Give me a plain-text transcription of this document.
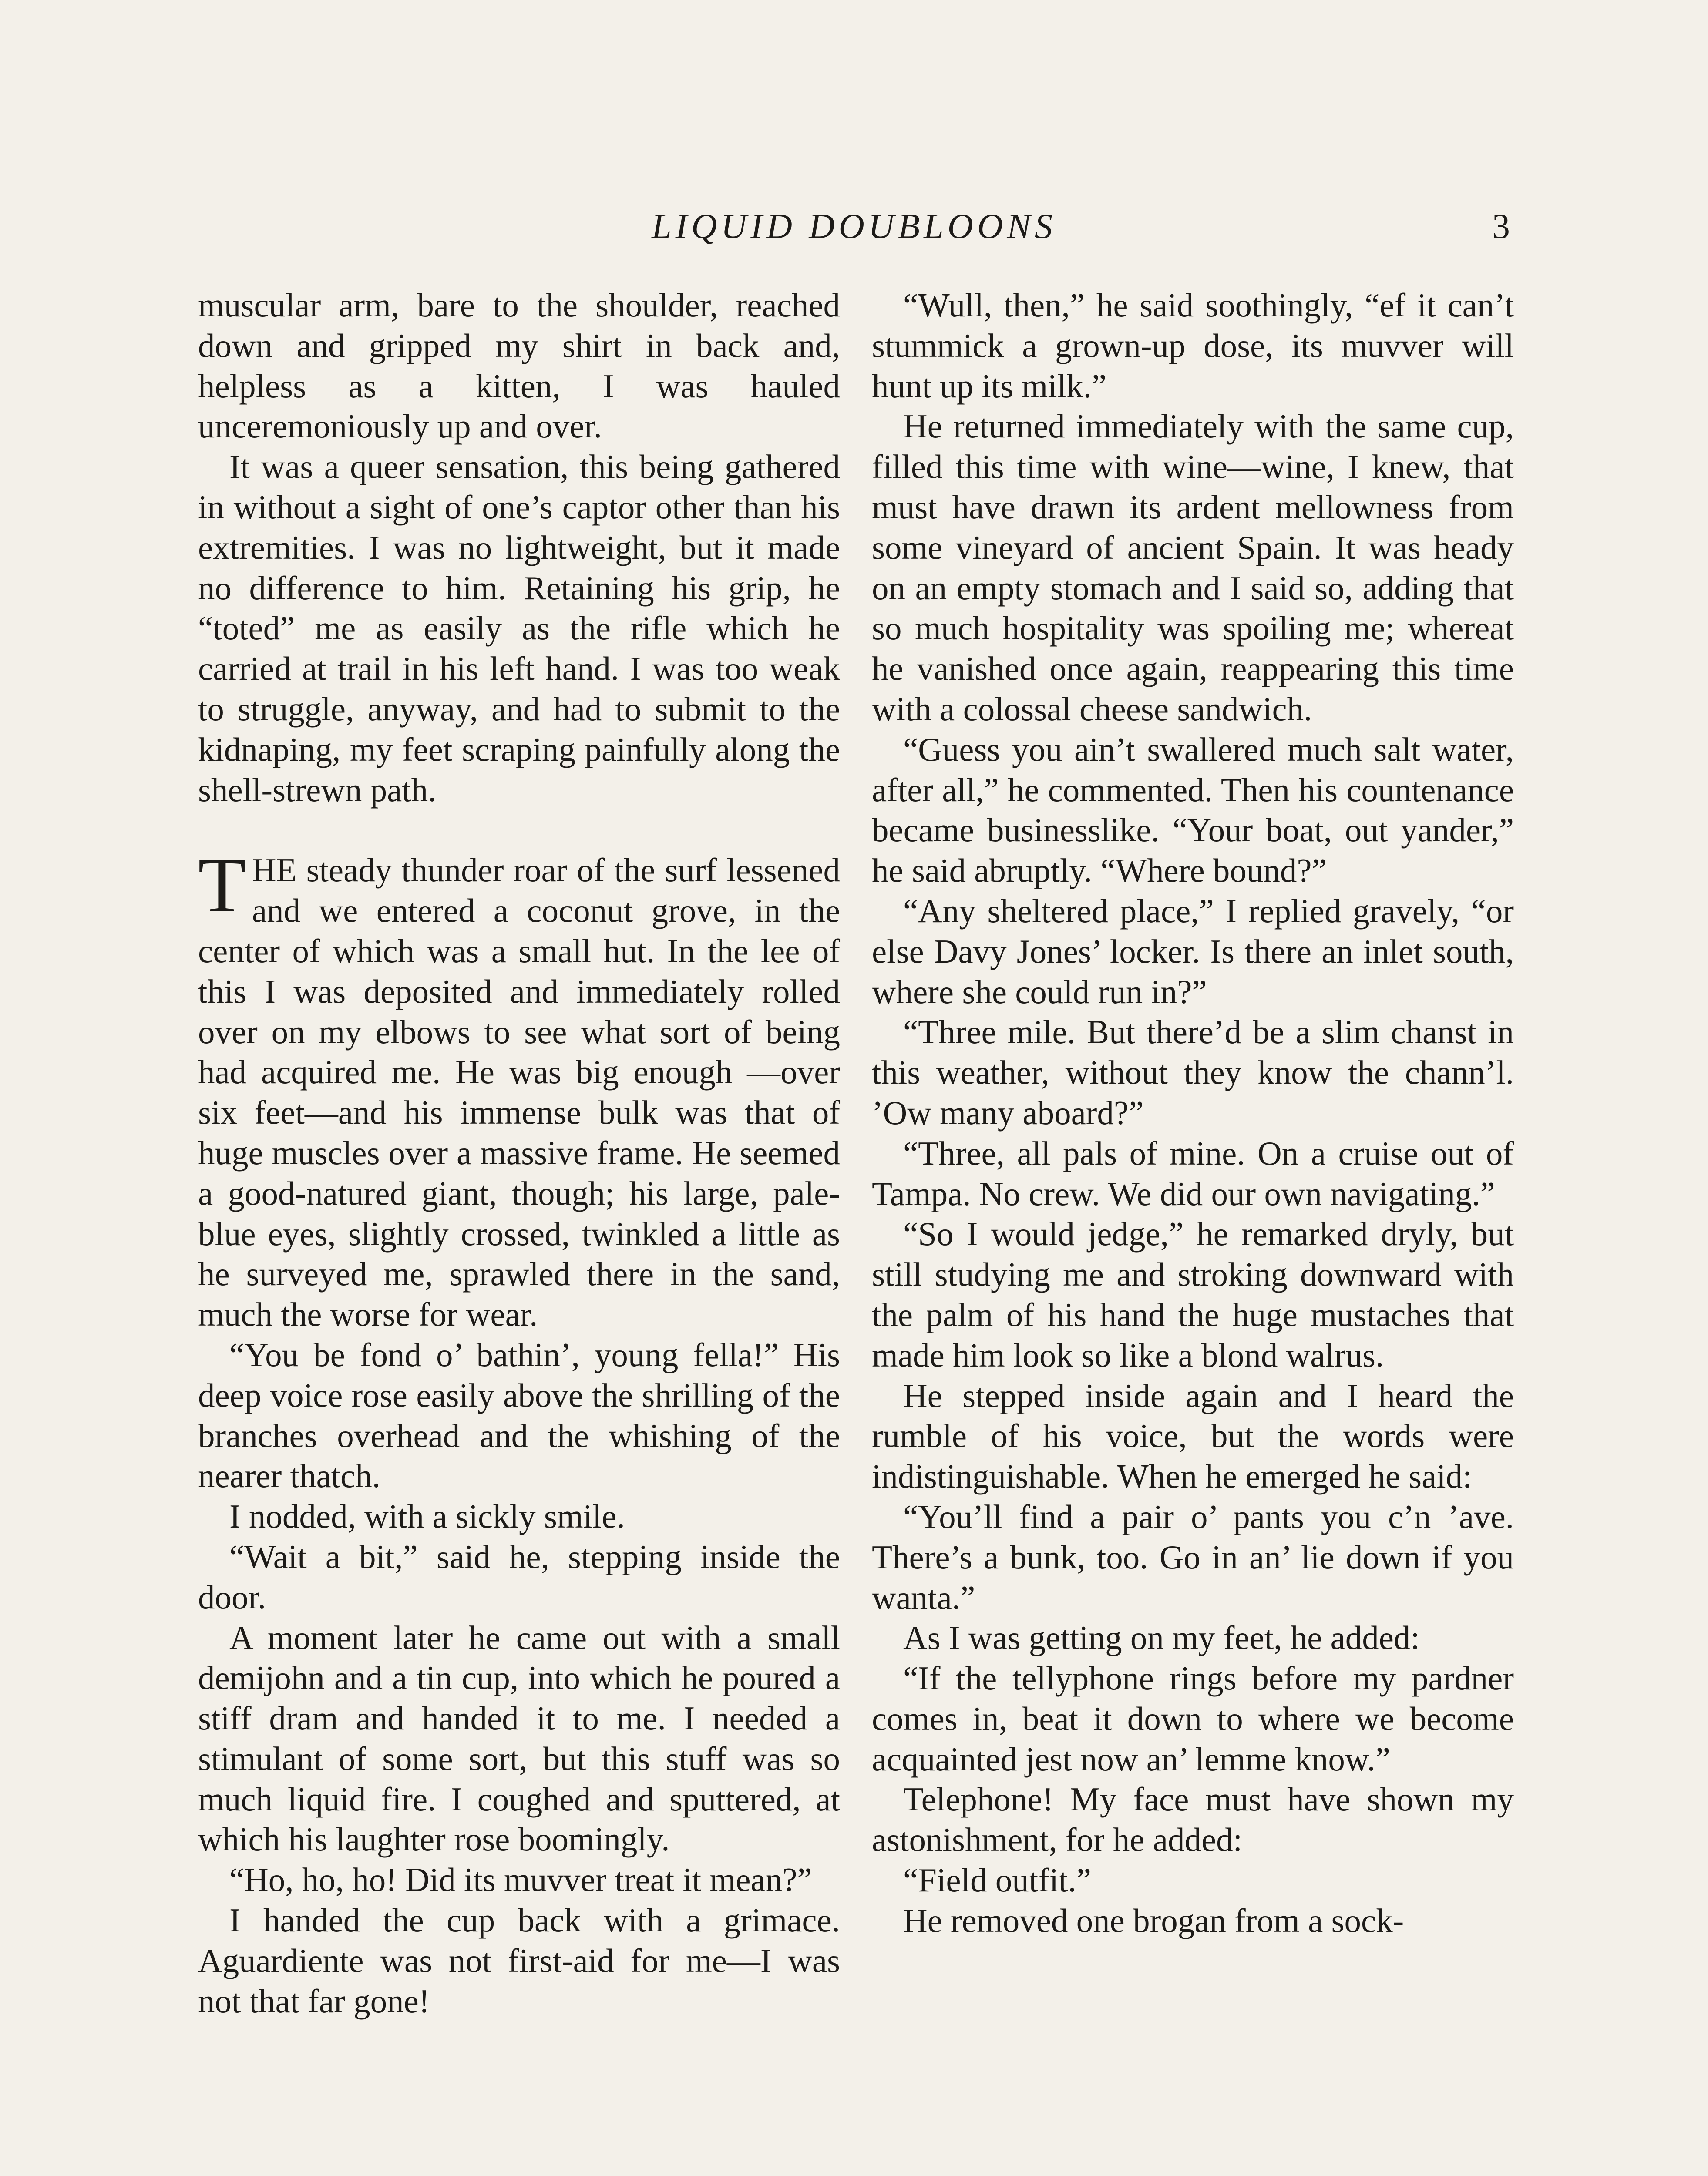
LIQUID DOUBLOONS	3

muscular arm, bare to the shoulder, reached down and gripped my shirt in back and, helpless as a kitten, I was hauled unceremoniously up and over.

It was a queer sensation, this being gathered in without a sight of one’s captor other than his extremities. I was no lightweight, but it made no difference to him. Retaining his grip, he “toted” me as easily as the rifle which he carried at trail in his left hand. I was too weak to struggle, anyway, and had to submit to the kidnaping, my feet scraping painfully along the shell-strewn path.

THE steady thunder roar of the surf lessened and we entered a coconut grove, in the center of which was a small hut. In the lee of this I was deposited and immediately rolled over on my elbows to see what sort of being had acquired me. He was big enough —over six feet—and his immense bulk was that of huge muscles over a massive frame. He seemed a good-natured giant, though; his large, pale-blue eyes, slightly crossed, twinkled a little as he surveyed me, sprawled there in the sand, much the worse for wear.

“You be fond o’ bathin’, young fella!” His deep voice rose easily above the shrilling of the branches overhead and the whishing of the nearer thatch.

I nodded, with a sickly smile.

“Wait a bit,” said he, stepping inside the door.

A moment later he came out with a small demijohn and a tin cup, into which he poured a stiff dram and handed it to me. I needed a stimulant of some sort, but this stuff was so much liquid fire. I coughed and sputtered, at which his laughter rose boomingly.

“Ho, ho, ho! Did its muvver treat it mean?”

I handed the cup back with a grimace. Aguardiente was not first-aid for me—I was not that far gone!

“Wull, then,” he said soothingly, “ef it can’t stummick a grown-up dose, its muvver will hunt up its milk.”

He returned immediately with the same cup, filled this time with wine—wine, I knew, that must have drawn its ardent mellowness from some vineyard of ancient Spain. It was heady on an empty stomach and I said so, adding that so much hospitality was spoiling me; whereat he vanished once again, reappearing this time with a colossal cheese sandwich.

“Guess you ain’t swallered much salt water, after all,” he commented. Then his countenance became businesslike. “Your boat, out yander,” he said abruptly. “Where bound?”

“Any sheltered place,” I replied gravely, “or else Davy Jones’ locker. Is there an inlet south, where she could run in?”

“Three mile. But there’d be a slim chanst in this weather, without they know the chann’l. ’Ow many aboard?”

“Three, all pals of mine. On a cruise out of Tampa. No crew. We did our own navigating.”

“So I would jedge,” he remarked dryly, but still studying me and stroking downward with the palm of his hand the huge mustaches that made him look so like a blond walrus.

He stepped inside again and I heard the rumble of his voice, but the words were indistinguishable. When he emerged he said:

“You’ll find a pair o’ pants you c’n ’ave. There’s a bunk, too. Go in an’ lie down if you wanta.”

As I was getting on my feet, he added:

“If the tellyphone rings before my pardner comes in, beat it down to where we become acquainted jest now an’ lemme know.”

Telephone! My face must have shown my astonishment, for he added:

“Field outfit.”

He removed one brogan from a sock-
